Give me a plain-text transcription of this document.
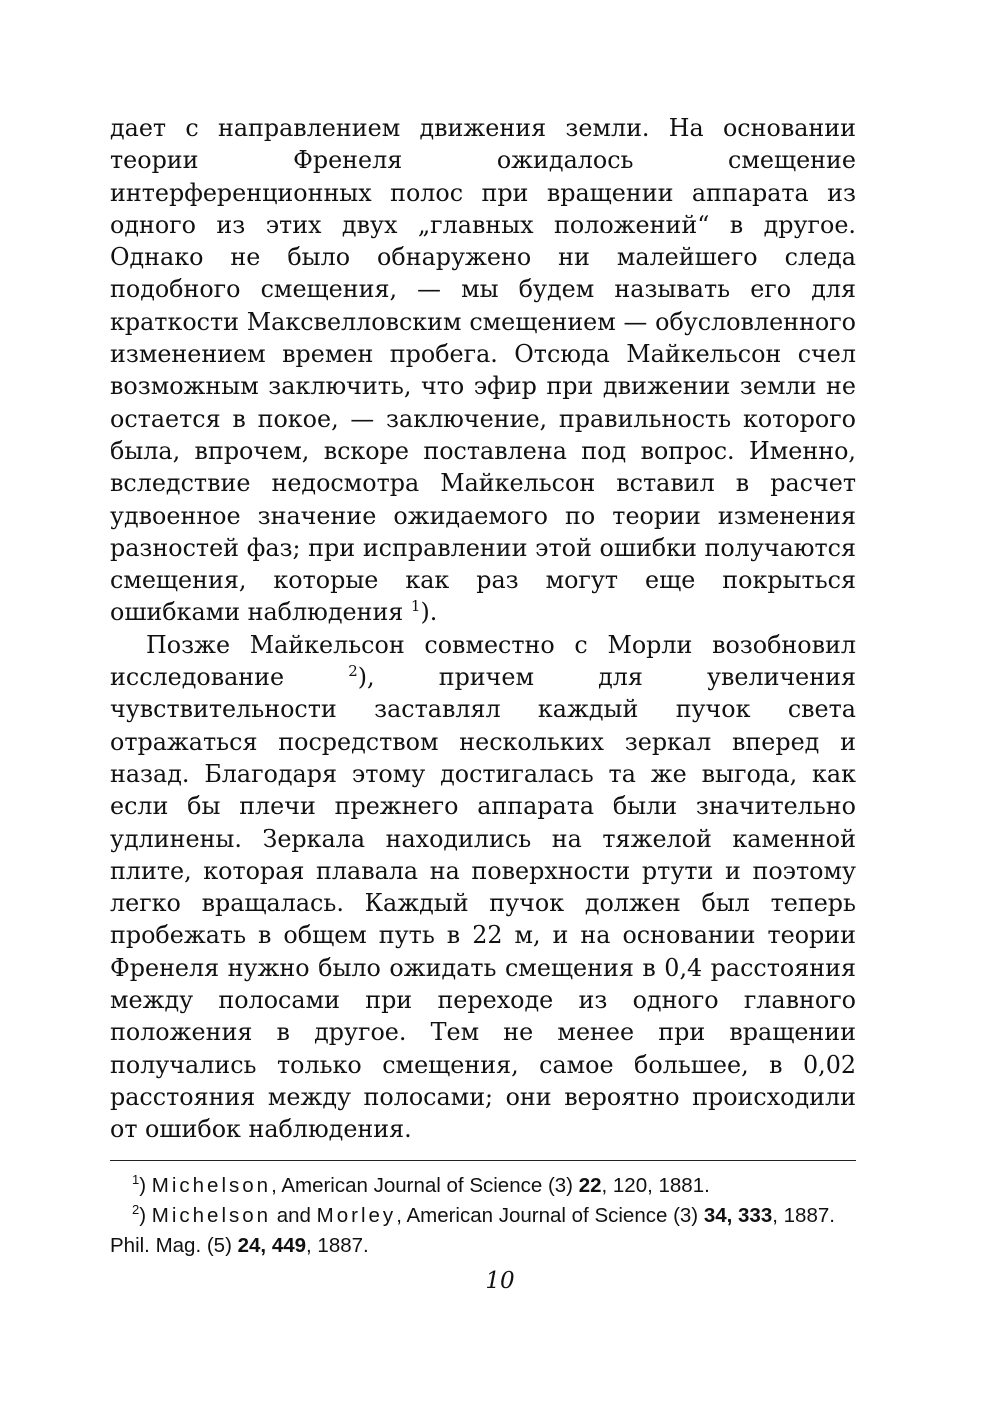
дает с направлением движения земли. На основании теории Френеля ожидалось смещение интерференционных полос при вращении аппарата из одного из этих двух „главных положений“ в другое. Однако не было обнаружено ни малейшего следа подобного смещения, — мы будем называть его для краткости Максвелловским смещением — обусловленного изменением времен пробега. Отсюда Майкельсон счел возможным заключить, что эфир при движении земли не остается в покое, — заключение, правильность которого была, впрочем, вскоре поставлена под вопрос. Именно, вследствие недосмотра Майкельсон вставил в расчет удвоенное значение ожидаемого по теории изменения разностей фаз; при исправлении этой ошибки получаются смещения, которые как раз могут еще покрыться ошибками наблюдения $^1$).

Позже Майкельсон совместно с Морли возобновил исследование $^2$), причем для увеличения чувствительности заставлял каждый пучок света отражаться посредством нескольких зеркал вперед и назад. Благодаря этому достигалась та же выгода, как если бы плечи прежнего аппарата были значительно удлинены. Зеркала находились на тяжелой каменной плите, которая плавала на поверхности ртути и поэтому легко вращалась. Каждый пучок должен был теперь пробежать в общем путь в 22 м, и на основании теории Френеля нужно было ожидать смещения в 0,4 расстояния между полосами при переходе из одного главного положения в другое. Тем не менее при вращении получались только смещения, самое большее, в 0,02 расстояния между полосами; они вероятно происходили от ошибок наблюдения.

$^1$) Michelson, American Journal of Science (3) 22, 120, 1881.

$^2$) Michelson and Morley, American Journal of Science (3) 34, 333, 1887. Phil. Mag. (5) 24, 449, 1887.

10
